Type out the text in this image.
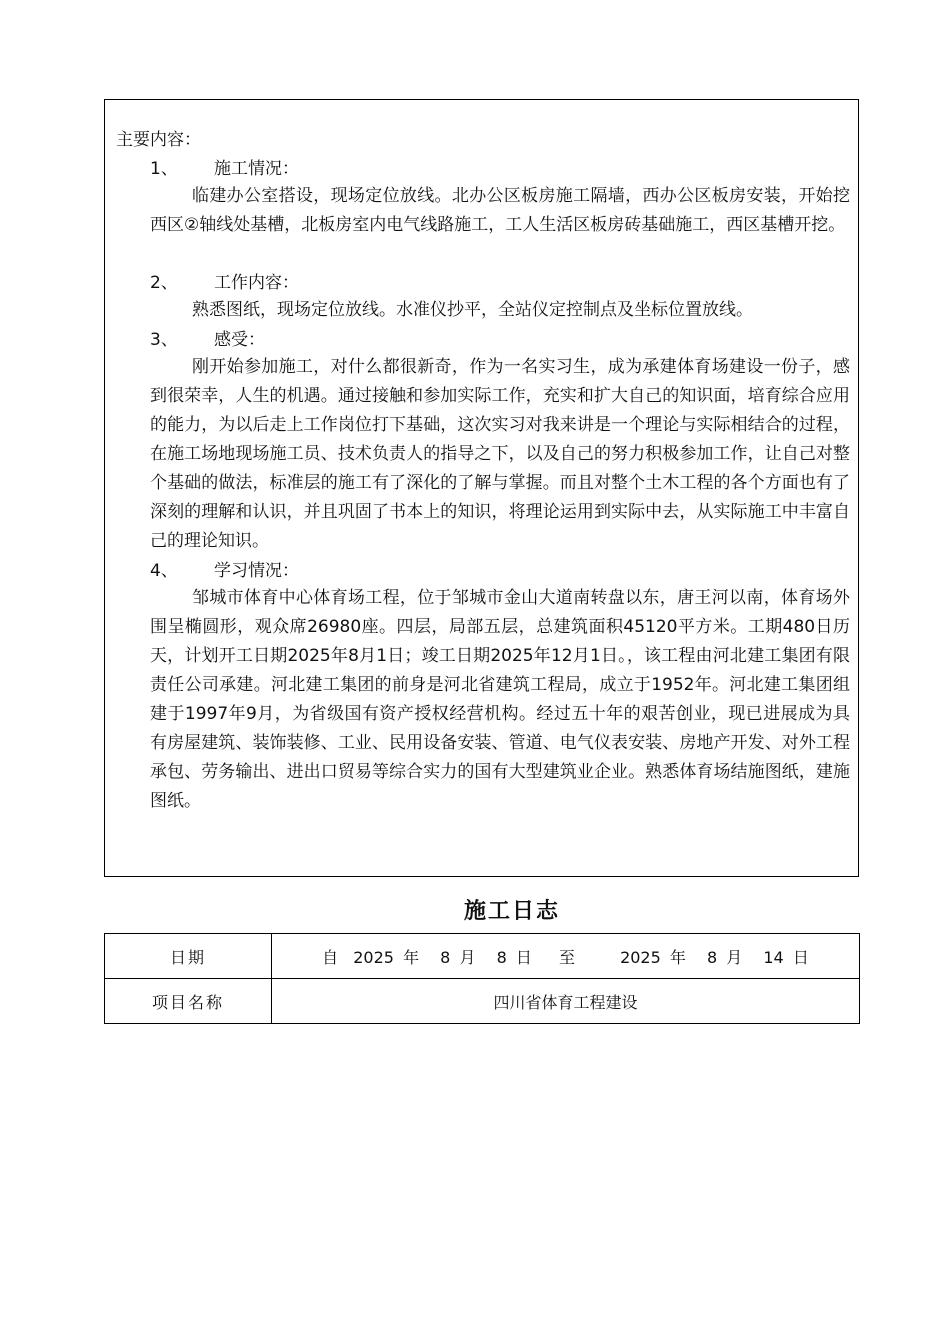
主要内容：
1、 施工情况：

临建办公室搭设，现场定位放线。北办公区板房施工隔墙，西办公区板房安装，开始挖西区②轴线处基槽，北板房室内电气线路施工，工人生活区板房砖基础施工，西区基槽开挖。

2、 工作内容：

熟悉图纸，现场定位放线。水准仪抄平，全站仪定控制点及坐标位置放线。

3、 感受：

刚开始参加施工，对什么都很新奇，作为一名实习生，成为承建体育场建设一份子，感到很荣幸，人生的机遇。通过接触和参加实际工作，充实和扩大自己的知识面，培育综合应用的能力，为以后走上工作岗位打下基础，这次实习对我来讲是一个理论与实际相结合的过程，在施工场地现场施工员、技术负责人的指导之下，以及自己的努力积极参加工作，让自己对整个基础的做法，标准层的施工有了深化的了解与掌握。而且对整个土木工程的各个方面也有了深刻的理解和认识，并且巩固了书本上的知识，将理论运用到实际中去，从实际施工中丰富自己的理论知识。

4、 学习情况：

邹城市体育中心体育场工程，位于邹城市金山大道南转盘以东，唐王河以南，体育场外围呈椭圆形，观众席26980座。四层，局部五层，总建筑面积45120平方米。工期480日历天，计划开工日期2025年8月1日；竣工日期2025年12月1日。，该工程由河北建工集团有限责任公司承建。河北建工集团的前身是河北省建筑工程局，成立于1952年。河北建工集团组建于1997年9月，为省级国有资产授权经营机构。经过五十年的艰苦创业，现已进展成为具有房屋建筑、装饰装修、工业、民用设备安装、管道、电气仪表安装、房地产开发、对外工程承包、劳务输出、进出口贸易等综合实力的国有大型建筑业企业。熟悉体育场结施图纸，建施图纸。

施工日志
日期	自 2025 年 8 月 8 日 至 2025 年 8 月 14 日
项目名称	四川省体育工程建设
